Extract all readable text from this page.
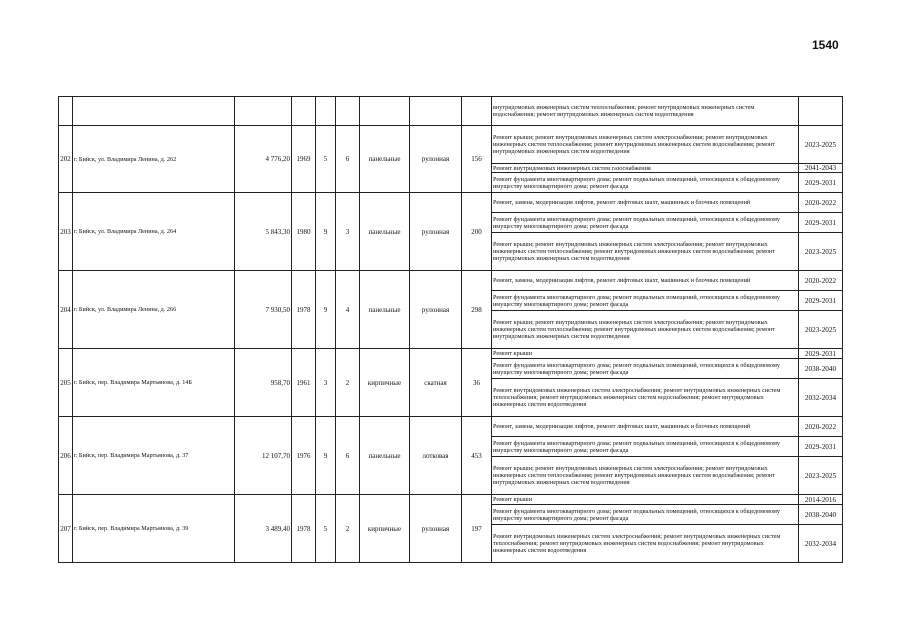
1540
									внутридомовых инженерных систем теплоснабжения; ремонт внутридомовых инженерных систем водоснабжения; ремонт внутридомовых инженерных систем водоотведения	
202	г. Бийск, ул. Владимира Ленина, д. 262	4 776,20	1969	5	6	панельные	рулонная	156	Ремонт крыши; ремонт внутридомовых инженерных систем электроснабжения; ремонт внутридомовых инженерных систем теплоснабжения; ремонт внутридомовых инженерных систем водоснабжения; ремонт внутридомовых инженерных систем водоотведения	2023-2025
									Ремонт внутридомовых инженерных систем газоснабжения	2041-2043
									Ремонт фундамента многоквартирного дома; ремонт подвальных помещений, относящихся к общедомовому имуществу многоквартирного дома; ремонт фасада	2029-2031
203	г. Бийск, ул. Владимира Ленина, д. 264	5 843,30	1980	9	3	панельные	рулонная	200	Ремонт, замена, модернизация лифтов, ремонт лифтовых шахт, машинных и блочных помещений	2020-2022
									Ремонт фундамента многоквартирного дома; ремонт подвальных помещений, относящихся к общедомовому имуществу многоквартирного дома; ремонт фасада	2029-2031
									Ремонт крыши; ремонт внутридомовых инженерных систем электроснабжения; ремонт внутридомовых инженерных систем теплоснабжения; ремонт внутридомовых инженерных систем водоснабжения; ремонт внутридомовых инженерных систем водоотведения	2023-2025
204	г. Бийск, ул. Владимира Ленина, д. 266	7 930,50	1978	9	4	панельные	рулонная	298	Ремонт, замена, модернизация лифтов, ремонт лифтовых шахт, машинных и блочных помещений	2020-2022
									Ремонт фундамента многоквартирного дома; ремонт подвальных помещений, относящихся к общедомовому имуществу многоквартирного дома; ремонт фасада	2029-2031
									Ремонт крыши; ремонт внутридомовых инженерных систем электроснабжения; ремонт внутридомовых инженерных систем теплоснабжения; ремонт внутридомовых инженерных систем водоснабжения; ремонт внутридомовых инженерных систем водоотведения	2023-2025
205	г. Бийск, пер. Владимира Мартьянова, д. 14Б	958,70	1961	3	2	кирпичные	скатная	36	Ремонт крыши	2029-2031
									Ремонт фундамента многоквартирного дома; ремонт подвальных помещений, относящихся к общедомовому имуществу многоквартирного дома; ремонт фасада	2038-2040
									Ремонт внутридомовых инженерных систем электроснабжения; ремонт внутридомовых инженерных систем теплоснабжения; ремонт внутридомовых инженерных систем водоснабжения; ремонт внутридомовых инженерных систем водоотведения	2032-2034
206	г. Бийск, пер. Владимира Мартьянова, д. 37	12 107,70	1976	9	6	панельные	лотковая	453	Ремонт, замена, модернизация лифтов, ремонт лифтовых шахт, машинных и блочных помещений	2020-2022
									Ремонт фундамента многоквартирного дома; ремонт подвальных помещений, относящихся к общедомовому имуществу многоквартирного дома; ремонт фасада	2029-2031
									Ремонт крыши; ремонт внутридомовых инженерных систем электроснабжения; ремонт внутридомовых инженерных систем теплоснабжения; ремонт внутридомовых инженерных систем водоснабжения; ремонт внутридомовых инженерных систем водоотведения	2023-2025
207	г. Бийск, пер. Владимира Мартьянова, д. 39	3 489,40	1978	5	2	кирпичные	рулонная	197	Ремонт крыши	2014-2016
									Ремонт фундамента многоквартирного дома; ремонт подвальных помещений, относящихся к общедомовому имуществу многоквартирного дома; ремонт фасада	2038-2040
									Ремонт внутридомовых инженерных систем электроснабжения; ремонт внутридомовых инженерных систем теплоснабжения; ремонт внутридомовых инженерных систем водоснабжения; ремонт внутридомовых инженерных систем водоотведения	2032-2034
